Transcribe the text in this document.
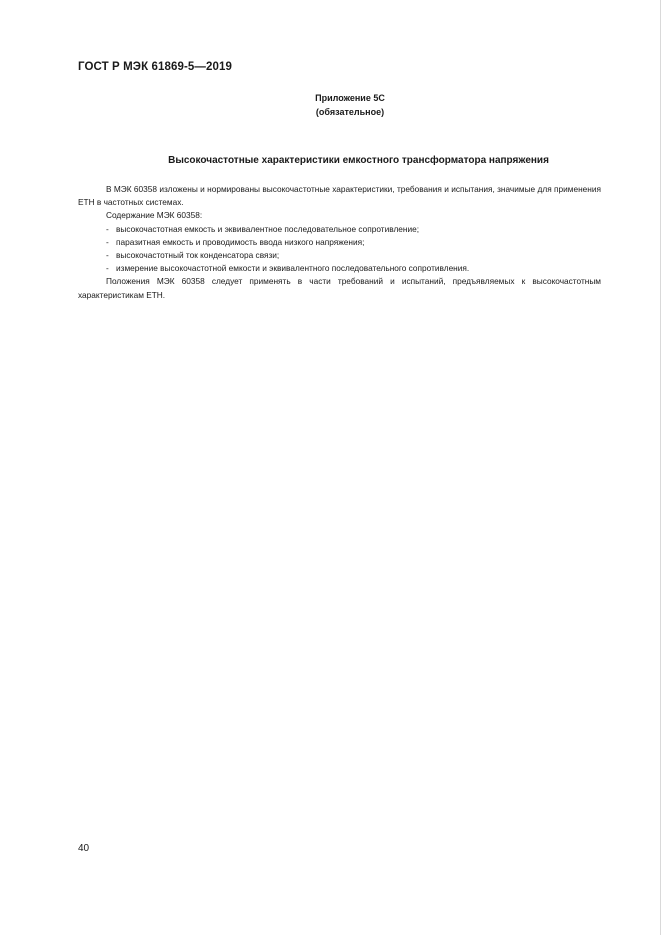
ГОСТ Р МЭК 61869-5—2019
Приложение 5С
(обязательное)
Высокочастотные характеристики емкостного трансформатора напряжения

В МЭК 60358 изложены и нормированы высокочастотные характеристики, требования и испытания, значимые для применения ЕТН в частотных системах.

Содержание МЭК 60358:

- высокочастотная емкость и эквивалентное последовательное сопротивление;
- паразитная емкость и проводимость ввода низкого напряжения;
- высокочастотный ток конденсатора связи;
- измерение высокочастотной емкости и эквивалентного последовательного сопротивления.

Положения МЭК 60358 следует применять в части требований и испытаний, предъявляемых к высокочастотным характеристикам ЕТН.

40
